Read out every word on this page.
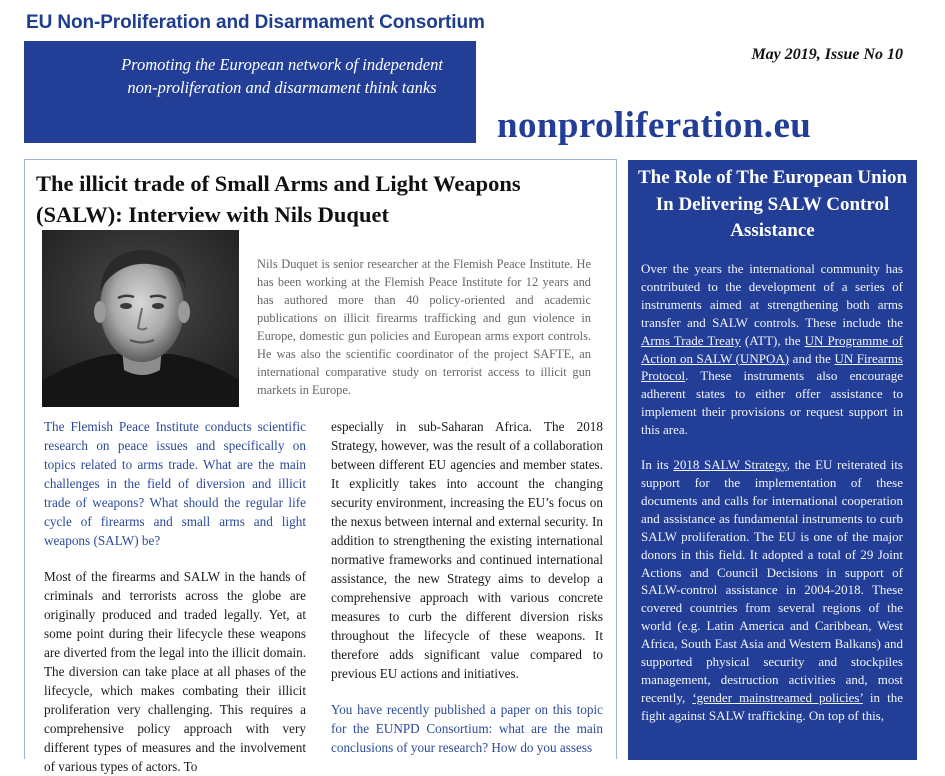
EU Non-Proliferation and Disarmament Consortium
Promoting the European network of independent
non-proliferation and disarmament think tanks
May 2019, Issue No 10
nonproliferation.eu
The illicit trade of Small Arms and Light Weapons (SALW): Interview with Nils Duquet

Nils Duquet is senior researcher at the Flemish Peace Institute. He has been working at the Flemish Peace Institute for 12 years and has authored more than 40 policy-oriented and academic publications on illicit firearms trafficking and gun violence in Europe, domestic gun policies and European arms export controls. He was also the scientific coordinator of the project SAFTE, an international comparative study on terrorist access to illicit gun markets in Europe.

The Flemish Peace Institute conducts scientific research on peace issues and specifically on topics related to arms trade. What are the main challenges in the field of diversion and illicit trade of weapons? What should the regular life cycle of firearms and small arms and light weapons (SALW) be?

Most of the firearms and SALW in the hands of criminals and terrorists across the globe are originally produced and traded legally. Yet, at some point during their lifecycle these weapons are diverted from the legal into the illicit domain. The diversion can take place at all phases of the lifecycle, which makes combating their illicit proliferation very challenging. This requires a comprehensive policy approach with very different types of measures and the involvement of various types of actors. To

especially in sub-Saharan Africa. The 2018 Strategy, however, was the result of a collaboration between different EU agencies and member states. It explicitly takes into account the changing security environment, increasing the EU’s focus on the nexus between internal and external security. In addition to strengthening the existing international normative frameworks and continued international assistance, the new Strategy aims to develop a comprehensive approach with various concrete measures to curb the different diversion risks throughout the lifecycle of these weapons. It therefore adds significant value compared to previous EU actions and initiatives.

You have recently published a paper on this topic for the EUNPD Consortium: what are the main conclusions of your research? How do you assess

The Role of The European Union In Delivering SALW Control Assistance

Over the years the international community has contributed to the development of a series of instruments aimed at strengthening both arms transfer and SALW controls. These include the Arms Trade Treaty (ATT), the UN Programme of Action on SALW (UNPOA) and the UN Firearms Protocol. These instruments also encourage adherent states to either offer assistance to implement their provisions or request support in this area.

In its 2018 SALW Strategy, the EU reiterated its support for the implementation of these documents and calls for international cooperation and assistance as fundamental instruments to curb SALW proliferation. The EU is one of the major donors in this field. It adopted a total of 29 Joint Actions and Council Decisions in support of SALW-control assistance in 2004-2018. These covered countries from several regions of the world (e.g. Latin America and Caribbean, West Africa, South East Asia and Western Balkans) and supported physical security and stockpiles management, destruction activities and, most recently, ‘gender mainstreamed policies’ in the fight against SALW trafficking. On top of this,
